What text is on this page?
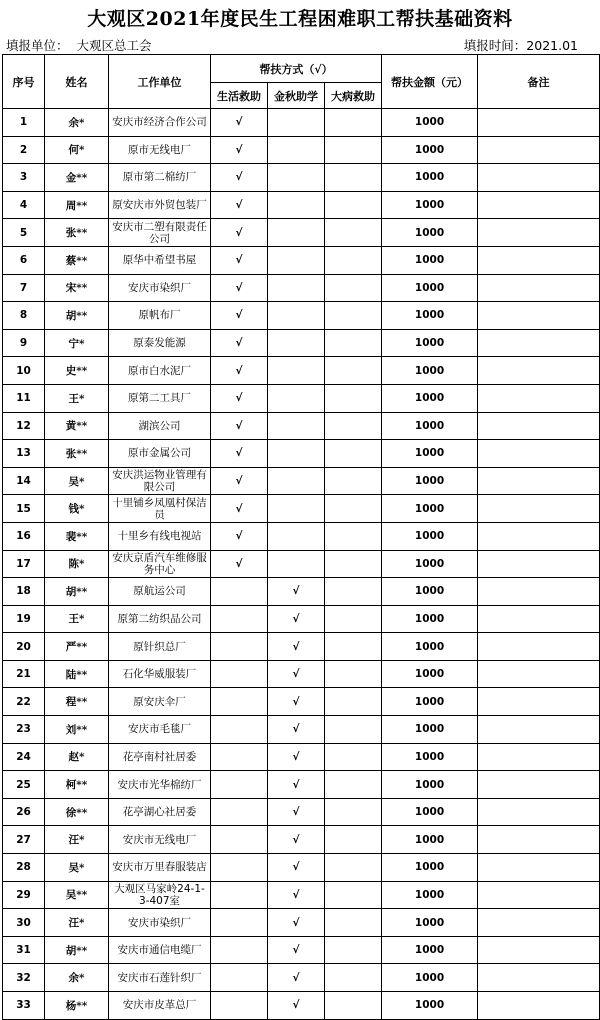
大观区2021年度民生工程困难职工帮扶基础资料
填报单位： 大观区总工会	填报时间：2021.01
序号	姓名	工作单位	帮扶方式（√）			帮扶金额（元）	备注
			生活救助	金秋助学	大病救助		
1	余*	安庆市经济合作公司	√			1000	
2	何*	原市无线电厂	√			1000	
3	金**	原市第二棉纺厂	√			1000	
4	周**	原安庆市外贸包装厂	√			1000	
5	张**	安庆市二塑有限责任公司	√			1000	
6	蔡**	原华中希望书屋	√			1000	
7	宋**	安庆市染织厂	√			1000	
8	胡**	原帆布厂	√			1000	
9	宁*	原泰发能源	√			1000	
10	史**	原市白水泥厂	√			1000	
11	王*	原第二工具厂	√			1000	
12	黄**	湖滨公司	√			1000	
13	张**	原市金属公司	√			1000	
14	吴*	安庆洪运物业管理有限公司	√			1000	
15	钱*	十里铺乡凤凰村保洁员	√			1000	
16	裴**	十里乡有线电视站	√			1000	
17	陈*	安庆京盾汽车维修服务中心	√			1000	
18	胡**	原航运公司		√		1000	
19	王*	原第二纺织品公司		√		1000	
20	严**	原针织总厂		√		1000	
21	陆**	石化华威服装厂		√		1000	
22	程**	原安庆伞厂		√		1000	
23	刘**	安庆市毛毯厂		√		1000	
24	赵*	花亭南村社居委		√		1000	
25	柯**	安庆市光华棉纺厂		√		1000	
26	徐**	花亭湖心社居委		√		1000	
27	汪*	安庆市无线电厂		√		1000	
28	吴*	安庆市万里春服装店		√		1000	
29	吴**	大观区马家岭24-1-3-407室		√		1000	
30	汪*	安庆市染织厂		√		1000	
31	胡**	安庆市通信电缆厂		√		1000	
32	余*	安庆市石莲针织厂		√		1000	
33	杨**	安庆市皮革总厂		√		1000	
